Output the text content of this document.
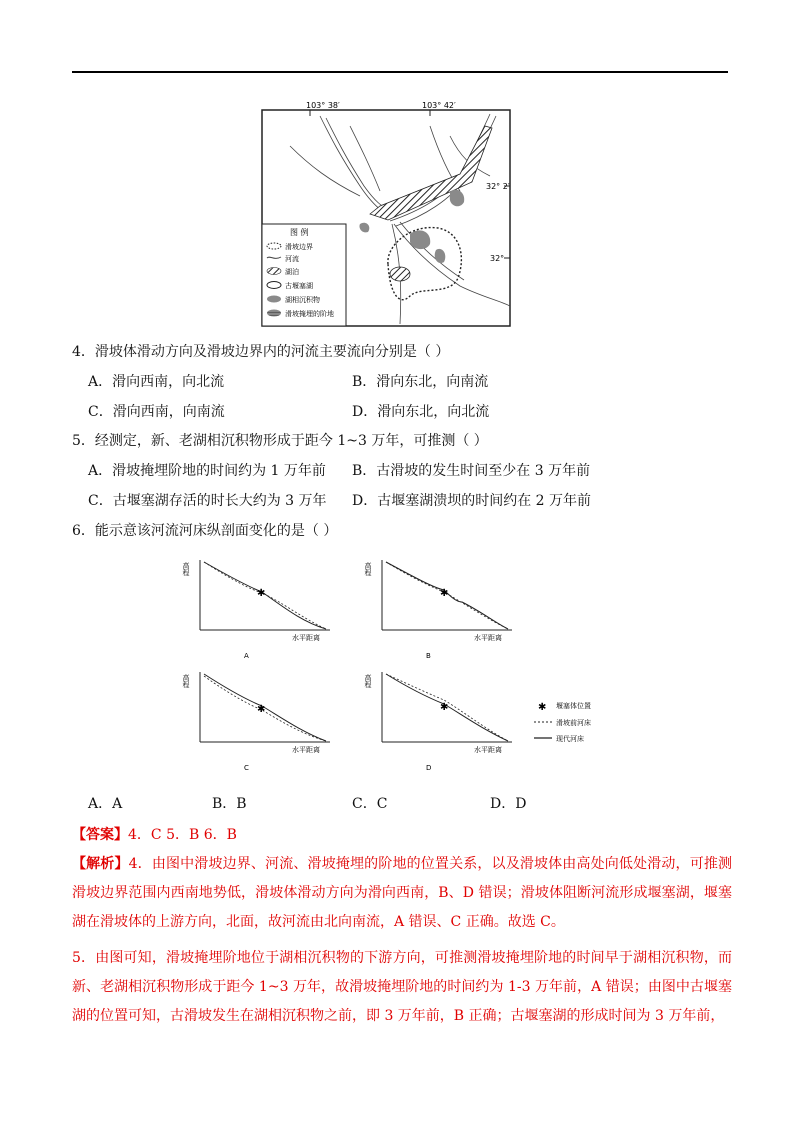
103° 38′	103° 42′
32° 2′
32°
图 例
滑坡边界
河流
湖泊
古堰塞湖
湖相沉积物
滑坡掩埋的阶地
4．滑坡体滑动方向及滑坡边界内的河流主要流向分别是（ ）
A．滑向西南，向北流	B．滑向东北，向南流
C．滑向西南，向南流	D．滑向东北，向北流
5．经测定，新、老湖相沉积物形成于距今 1~3 万年，可推测（ ）
A．滑坡掩埋阶地的时间约为 1 万年前 B．古滑坡的发生时间至少在 3 万年前
C．古堰塞湖存活的时长大约为 3 万年 D．古堰塞湖溃坝的时间约在 2 万年前
6．能示意该河流河床纵剖面变化的是（ ）
高程
水平距离
✱
A
高程
水平距离
✱
B
高程
水平距离
✱
C
高程
水平距离
✱
D
✱ 堰塞体位置
滑坡前河床
现代河床
A．A	B．B	C．C	D．D
【答案】4．C 5．B 6．B
【解析】4．由图中滑坡边界、河流、滑坡掩埋的阶地的位置关系，以及滑坡体由高处向低处滑动，可推测滑坡边界范围内西南地势低，滑坡体滑动方向为滑向西南，B、D 错误；滑坡体阻断河流形成堰塞湖，堰塞湖在滑坡体的上游方向，北面，故河流由北向南流，A 错误、C 正确。故选 C。
5．由图可知，滑坡掩埋阶地位于湖相沉积物的下游方向，可推测滑坡掩埋阶地的时间早于湖相沉积物，而新、老湖相沉积物形成于距今 1~3 万年，故滑坡掩埋阶地的时间约为 1-3 万年前，A 错误；由图中古堰塞湖的位置可知，古滑坡发生在湖相沉积物之前，即 3 万年前，B 正确；古堰塞湖的形成时间为 3 万年前，
